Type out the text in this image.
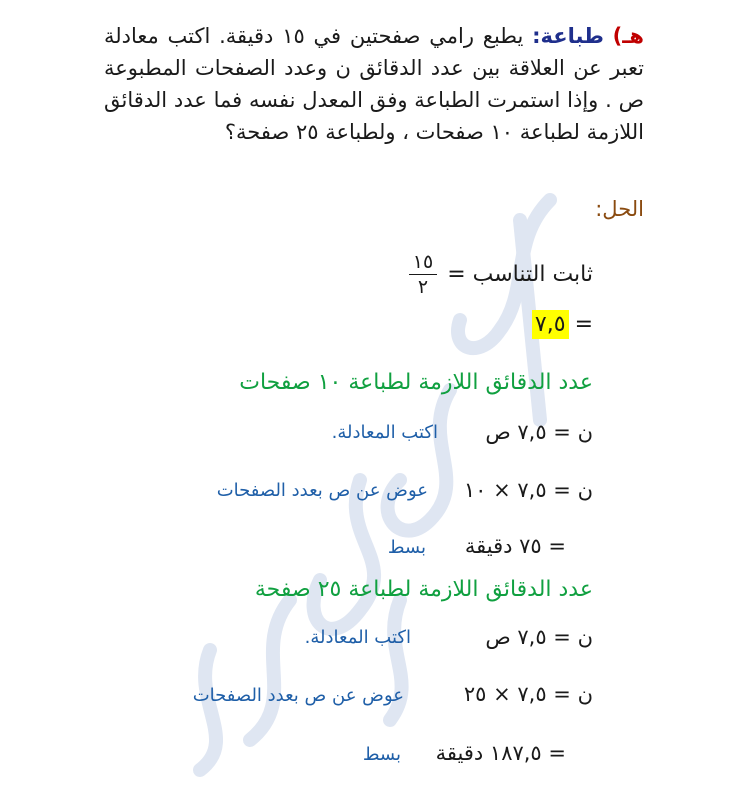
هـ) طباعة: يطبع رامي صفحتين في ١٥ دقيقة. اكتب معادلة تعبر عن العلاقة بين عدد الدقائق ن وعدد الصفحات المطبوعة ص . وإذا استمرت الطباعة وفق المعدل نفسه فما عدد الدقائق اللازمة لطباعة ١٠ صفحات ، ولطباعة ٢٥ صفحة؟
الحل:
ثابت التناسب =
$\frac{١٥}{٢}$
=
٧,٥
عدد الدقائق اللازمة لطباعة ١٠ صفحات
ن = ٧,٥ ص
اكتب المعادلة.
ن = ٧,٥ × ١٠
عوض عن ص بعدد الصفحات
= ٧٥ دقيقة
بسط
عدد الدقائق اللازمة لطباعة ٢٥ صفحة
ن = ٧,٥ ص
اكتب المعادلة.
ن = ٧,٥ × ٢٥
عوض عن ص بعدد الصفحات
= ١٨٧,٥ دقيقة
بسط
